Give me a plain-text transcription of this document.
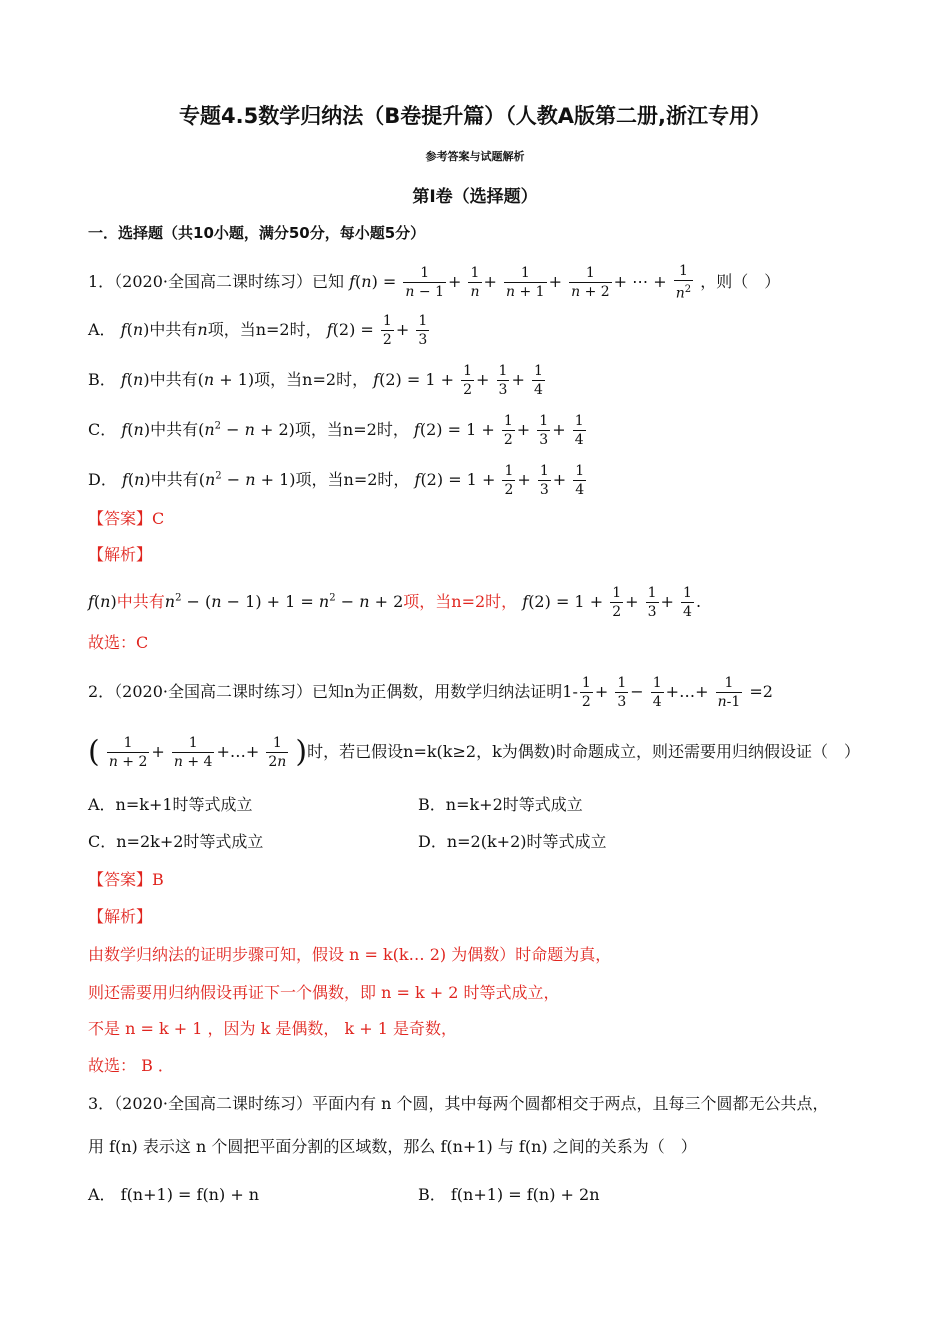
专题4.5数学归纳法（B卷提升篇）（人教A版第二册,浙江专用）
参考答案与试题解析
第Ⅰ卷（选择题）
一．选择题（共10小题，满分50分，每小题5分）
1．（2020·全国高二课时练习）已知 $f(n) = \frac{1}{n - 1} + \frac{1}{n} + \frac{1}{n + 1} + \frac{1}{n + 2}$ + ⋯ + $\frac{1}{n^2}$ ，则（　）
A． f(n)中共有n项，当n=2时， $f(2) = \frac{1}{2} + \frac{1}{3}$
B． f(n)中共有(n + 1)项，当n=2时， $f(2) = 1 + \frac{1}{2} + \frac{1}{3} + \frac{1}{4}$
C． f(n)中共有$(n^2 - n + 2)$项，当n=2时， $f(2) = 1 + \frac{1}{2} + \frac{1}{3} + \frac{1}{4}$
D． f(n)中共有$(n^2 - n + 1)$项，当n=2时， $f(2) = 1 + \frac{1}{2} + \frac{1}{3} + \frac{1}{4}$
【答案】C
【解析】
f(n)中共有$n^2 - (n - 1) + 1 = n^2 - n + 2$项，当n=2时， $f(2) = 1 + \frac{1}{2} + \frac{1}{3} + \frac{1}{4}$ .
故选：C
2．（2020·全国高二课时练习）已知n为正偶数，用数学归纳法证明$1- \frac{1}{2} + \frac{1}{3} - \frac{1}{4}$ +…+ $\frac{1}{n-1} =2$
( $\frac{1}{n + 2} + \frac{1}{n + 4}$ +…+ $\frac{1}{2n}$ )时，若已假设n=k(k≥2，k为偶数)时命题成立，则还需要用归纳假设证（　）
A．n=k+1时等式成立	B．n=k+2时等式成立
C．n=2k+2时等式成立	D．n=2(k+2)时等式成立
【答案】B
【解析】
由数学归纳法的证明步骤可知，假设 n = k(k… 2) 为偶数）时命题为真，
则还需要用归纳假设再证下一个偶数，即 n = k + 2 时等式成立，
不是 n = k + 1 ，因为 k 是偶数， k + 1 是奇数，
故选： B ．
3．（2020·全国高二课时练习）平面内有 n 个圆，其中每两个圆都相交于两点，且每三个圆都无公共点，
用 f(n) 表示这 n 个圆把平面分割的区域数，那么 f(n+1) 与 f(n) 之间的关系为（　）
A． f(n+1) = f(n) + n	B． f(n+1) = f(n) + 2n
